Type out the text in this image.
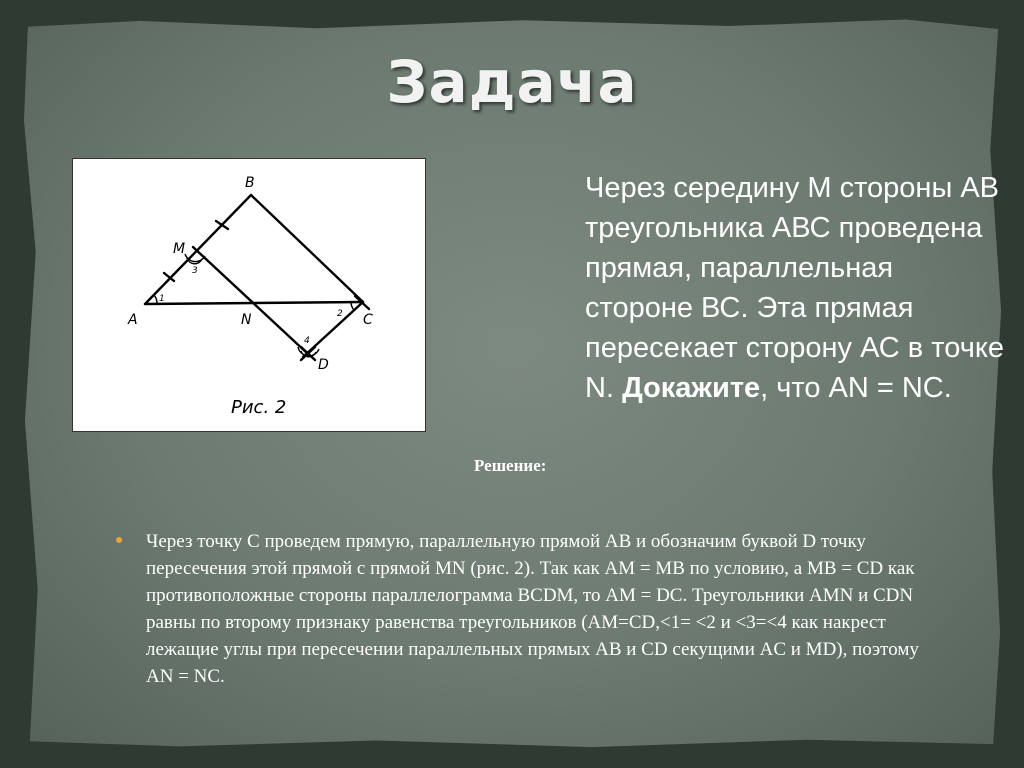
Задача
B
M
A	N	C
D
1
2
3
4
Рис. 2
Через середину М стороны АВ треугольника АВС проведена прямая, параллельная стороне ВС. Эта прямая пересекает сторону АС в точке N. Докажите, что AN = NC.
Решение:
● Через точку С проведем прямую, параллельную прямой АВ и обозначим буквой D точку пересечения этой прямой с прямой MN (рис. 2). Так как AM = MB по условию, а MB = CD как противоположные стороны параллелограмма BCDM, то AM = DC. Треугольники AMN и CDN равны по второму признаку равенства треугольников (AM=CD,<1= <2 и <3=<4 как накрест лежащие углы при пересечении параллельных прямых AB и CD секущими AC и MD), поэтому AN = NC.
